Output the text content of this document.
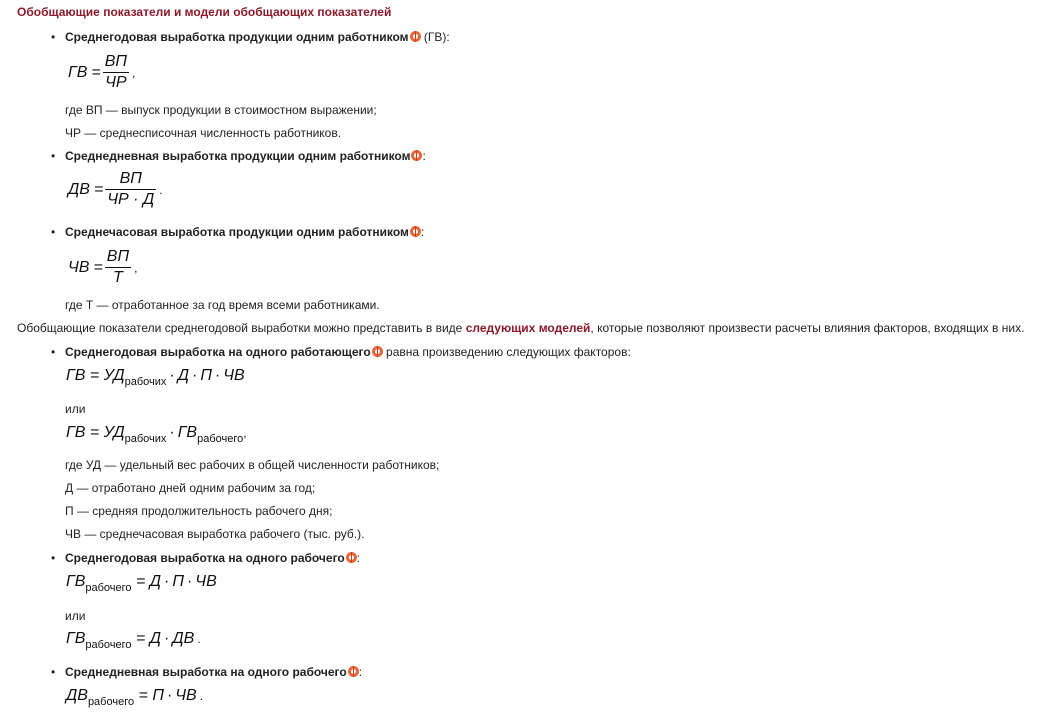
Обобщающие показатели и модели обобщающих показателей
• Среднегодовая выработка продукции одним работником (ГВ):
ГВ = $\frac{ВП}{ЧР}$ ,
где ВП — выпуск продукции в стоимостном выражении;
ЧР — среднесписочная численность работников.
• Среднедневная выработка продукции одним работником :
ДВ = $\frac{ВП}{ЧР \cdot Д}$ .
• Среднечасовая выработка продукции одним работником :
ЧВ = $\frac{ВП}{Т}$ ,
где Т — отработанное за год время всеми работниками.
Обобщающие показатели среднегодовой выработки можно представить в виде следующих моделей, которые позволяют произвести расчеты влияния факторов, входящих в них.
• Среднегодовая выработка на одного работающего равна произведению следующих факторов:
ГВ = $УД_{рабочих} \cdot Д \cdot П$ · ЧВ
или
ГВ = $УД_{рабочих} \cdot ГВ_{рабочего}$,
где УД — удельный вес рабочих в общей численности работников;
Д — отработано дней одним рабочим за год;
П — средняя продолжительность рабочего дня;
ЧВ — среднечасовая выработка рабочего (тыс. руб.).
• Среднегодовая выработка на одного рабочего :
$ГВ_{рабочего} = Д \cdot П$ · ЧВ
или
$ГВ_{рабочего} = Д$ · ДВ .
• Среднедневная выработка на одного рабочего :
$ДВ_{рабочего} = П$ · ЧВ .
